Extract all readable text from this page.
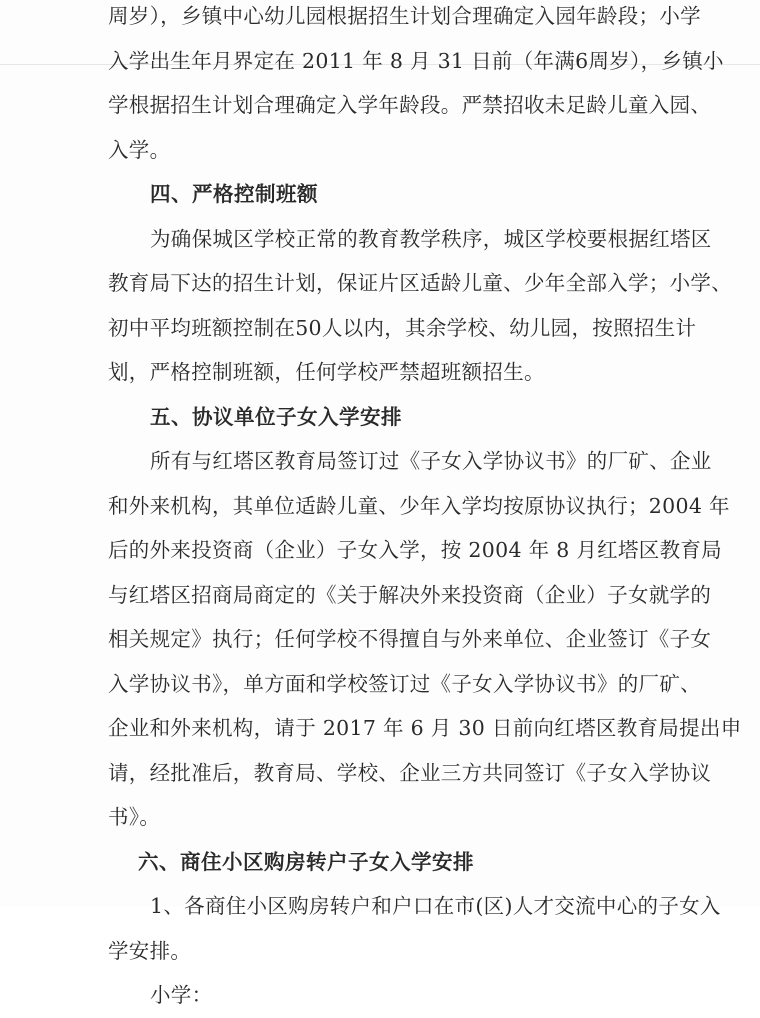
周岁），乡镇中心幼儿园根据招生计划合理确定入园年龄段；小学
入学出生年月界定在 2011 年 8 月 31 日前（年满6周岁），乡镇小
学根据招生计划合理确定入学年龄段。严禁招收未足龄儿童入园、
入学。
四、严格控制班额
为确保城区学校正常的教育教学秩序，城区学校要根据红塔区
教育局下达的招生计划，保证片区适龄儿童、少年全部入学；小学、
初中平均班额控制在50人以内，其余学校、幼儿园，按照招生计
划，严格控制班额，任何学校严禁超班额招生。
五、协议单位子女入学安排
所有与红塔区教育局签订过《子女入学协议书》的厂矿、企业
和外来机构，其单位适龄儿童、少年入学均按原协议执行；2004 年
后的外来投资商（企业）子女入学，按 2004 年 8 月红塔区教育局
与红塔区招商局商定的《关于解决外来投资商（企业）子女就学的
相关规定》执行；任何学校不得擅自与外来单位、企业签订《子女
入学协议书》，单方面和学校签订过《子女入学协议书》的厂矿、
企业和外来机构，请于 2017 年 6 月 30 日前向红塔区教育局提出申
请，经批准后，教育局、学校、企业三方共同签订《子女入学协议
书》。
六、商住小区购房转户子女入学安排
1、各商住小区购房转户和户口在市(区)人才交流中心的子女入
学安排。
小学：
